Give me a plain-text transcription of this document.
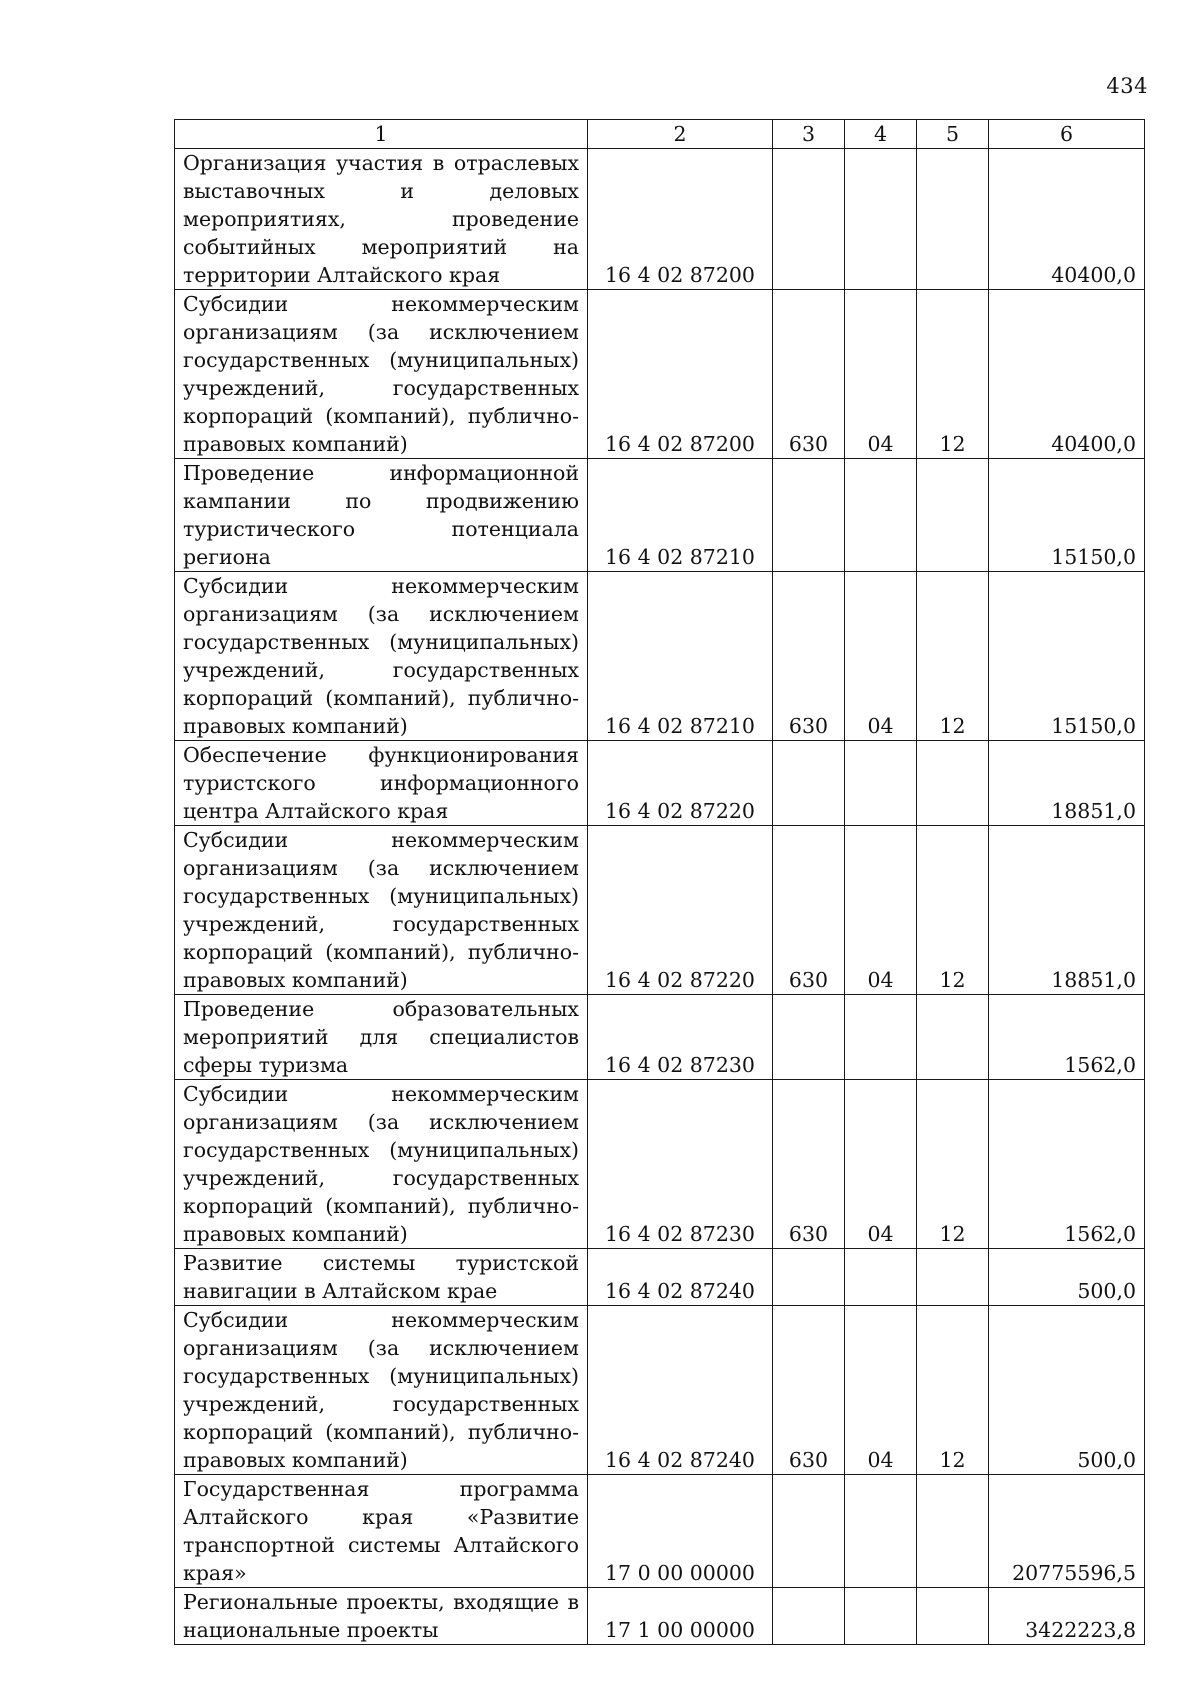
434
1	2	3	4	5	6
Организация участия в отраслевых выставочных и деловых мероприятиях, проведение событийных мероприятий на территории Алтайского края	16 4 02 87200				40400,0
Субсидии некоммерческим организациям (за исключением государственных (муниципальных) учреждений, государственных корпораций (компаний), публично-правовых компаний)	16 4 02 87200	630	04	12	40400,0
Проведение информационной кампании по продвижению туристического потенциала региона	16 4 02 87210				15150,0
Субсидии некоммерческим организациям (за исключением государственных (муниципальных) учреждений, государственных корпораций (компаний), публично-правовых компаний)	16 4 02 87210	630	04	12	15150,0
Обеспечение функционирования туристского информационного центра Алтайского края	16 4 02 87220				18851,0
Субсидии некоммерческим организациям (за исключением государственных (муниципальных) учреждений, государственных корпораций (компаний), публично-правовых компаний)	16 4 02 87220	630	04	12	18851,0
Проведение образовательных мероприятий для специалистов сферы туризма	16 4 02 87230				1562,0
Субсидии некоммерческим организациям (за исключением государственных (муниципальных) учреждений, государственных корпораций (компаний), публично-правовых компаний)	16 4 02 87230	630	04	12	1562,0
Развитие системы туристской навигации в Алтайском крае	16 4 02 87240				500,0
Субсидии некоммерческим организациям (за исключением государственных (муниципальных) учреждений, государственных корпораций (компаний), публично-правовых компаний)	16 4 02 87240	630	04	12	500,0
Государственная программа Алтайского края «Развитие транспортной системы Алтайского края»	17 0 00 00000				20775596,5
Региональные проекты, входящие в национальные проекты	17 1 00 00000				3422223,8
